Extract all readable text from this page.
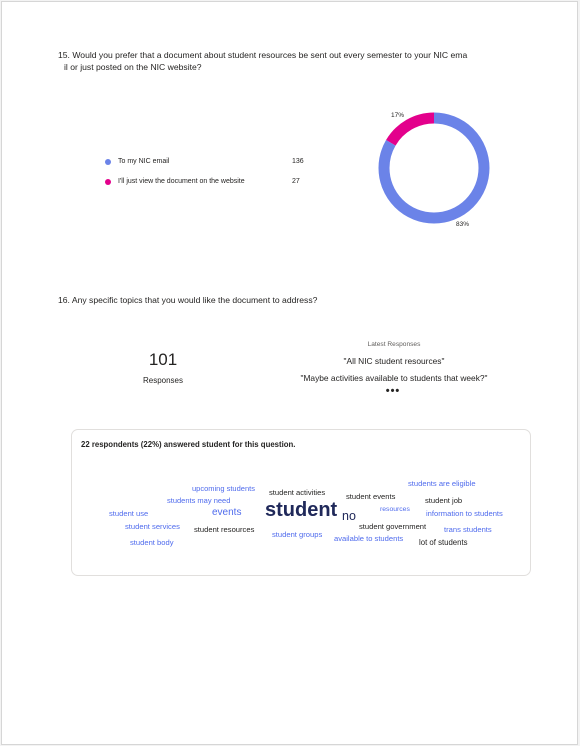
15. Would you prefer that a document about student resources be sent out every semester to your NIC ema
il or just posted on the NIC website?
To my NIC email	136
I'll just view the document on the website	27
17%
83%
16. Any specific topics that you would like the document to address?
101
Responses
Latest Responses
"All NIC student resources"
"Maybe activities available to students that week?"
•••
22 respondents (22%) answered student for this question.
upcoming students student activities
students may need	student events
students are eligible
student job
student use	events student no	resources information to students
student services student resources
student groups
student government trans students
student body	available to students lot of students
